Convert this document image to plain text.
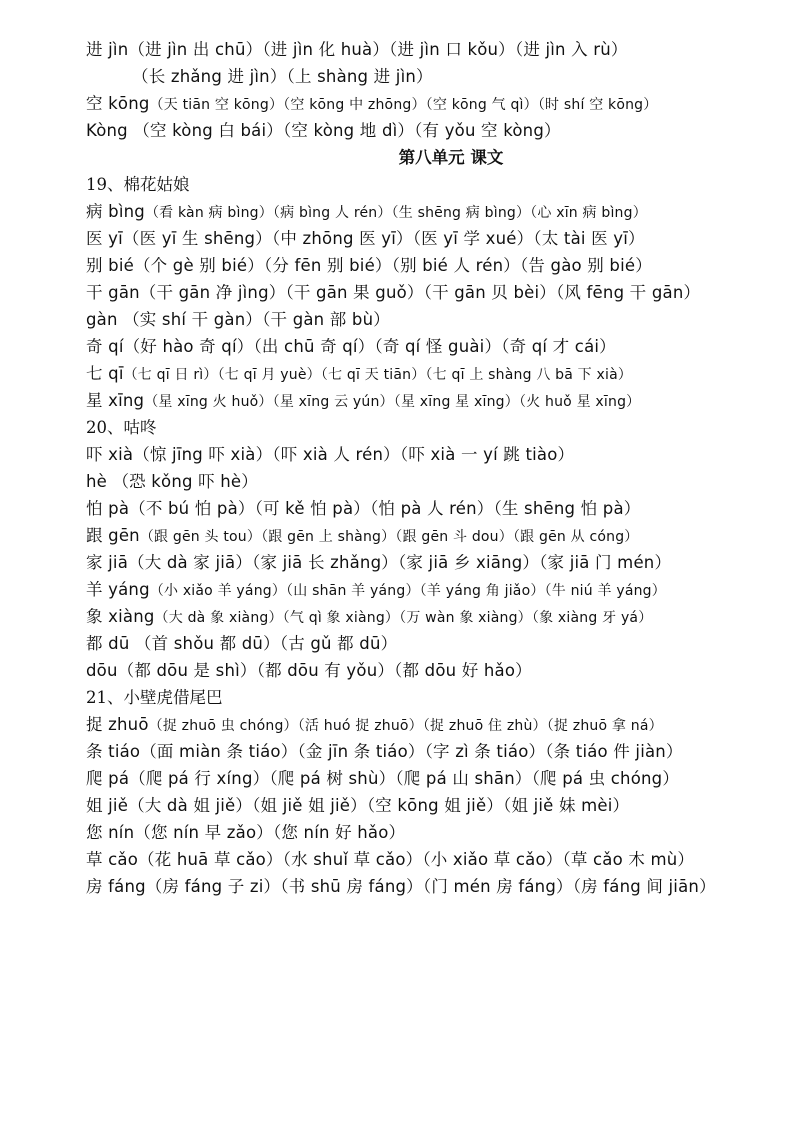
进 jìn（进 jìn 出 chū）（进 jìn 化 huà）（进 jìn 口 kǒu）（进 jìn 入 rù）
（长 zhǎng 进 jìn）（上 shàng 进 jìn）
空 kōng（天 tiān 空 kōng）（空 kōng 中 zhōng）（空 kōng 气 qì）（时 shí 空 kōng）
Kòng （空 kòng 白 bái）（空 kòng 地 dì）（有 yǒu 空 kòng）
第八单元 课文
19、棉花姑娘
病 bìng（看 kàn 病 bìng）（病 bìng 人 rén）（生 shēng 病 bìng）（心 xīn 病 bìng）
医 yī（医 yī 生 shēng）（中 zhōng 医 yī）（医 yī 学 xué）（太 tài 医 yī）
别 bié（个 gè 别 bié）（分 fēn 别 bié）（别 bié 人 rén）（告 gào 别 bié）
干 gān（干 gān 净 jìng）（干 gān 果 guǒ）（干 gān 贝 bèi）（风 fēng 干 gān）
gàn （实 shí 干 gàn）（干 gàn 部 bù）
奇 qí（好 hào 奇 qí）（出 chū 奇 qí）（奇 qí 怪 guài）（奇 qí 才 cái）
七 qī（七 qī 日 rì）（七 qī 月 yuè）（七 qī 天 tiān）（七 qī 上 shàng 八 bā 下 xià）
星 xīng（星 xīng 火 huǒ）（星 xīng 云 yún）（星 xīng 星 xīng）（火 huǒ 星 xīng）
20、咕咚
吓 xià（惊 jīng 吓 xià）（吓 xià 人 rén）（吓 xià 一 yí 跳 tiào）
hè （恐 kǒng 吓 hè）
怕 pà（不 bú 怕 pà）（可 kě 怕 pà）（怕 pà 人 rén）（生 shēng 怕 pà）
跟 gēn（跟 gēn 头 tou）（跟 gēn 上 shàng）（跟 gēn 斗 dou）（跟 gēn 从 cóng）
家 jiā（大 dà 家 jiā）（家 jiā 长 zhǎng）（家 jiā 乡 xiāng）（家 jiā 门 mén）
羊 yáng（小 xiǎo 羊 yáng）（山 shān 羊 yáng）（羊 yáng 角 jiǎo）（牛 niú 羊 yáng）
象 xiàng（大 dà 象 xiàng）（气 qì 象 xiàng）（万 wàn 象 xiàng）（象 xiàng 牙 yá）
都 dū （首 shǒu 都 dū）（古 gǔ 都 dū）
dōu（都 dōu 是 shì）（都 dōu 有 yǒu）（都 dōu 好 hǎo）
21、小壁虎借尾巴
捉 zhuō（捉 zhuō 虫 chóng）（活 huó 捉 zhuō）（捉 zhuō 住 zhù）（捉 zhuō 拿 ná）
条 tiáo（面 miàn 条 tiáo）（金 jīn 条 tiáo）（字 zì 条 tiáo）（条 tiáo 件 jiàn）
爬 pá（爬 pá 行 xíng）（爬 pá 树 shù）（爬 pá 山 shān）（爬 pá 虫 chóng）
姐 jiě（大 dà 姐 jiě）（姐 jiě 姐 jiě）（空 kōng 姐 jiě）（姐 jiě 妹 mèi）
您 nín（您 nín 早 zǎo）（您 nín 好 hǎo）
草 cǎo（花 huā 草 cǎo）（水 shuǐ 草 cǎo）（小 xiǎo 草 cǎo）（草 cǎo 木 mù）
房 fáng（房 fáng 子 zi）（书 shū 房 fáng）（门 mén 房 fáng）（房 fáng 间 jiān）
